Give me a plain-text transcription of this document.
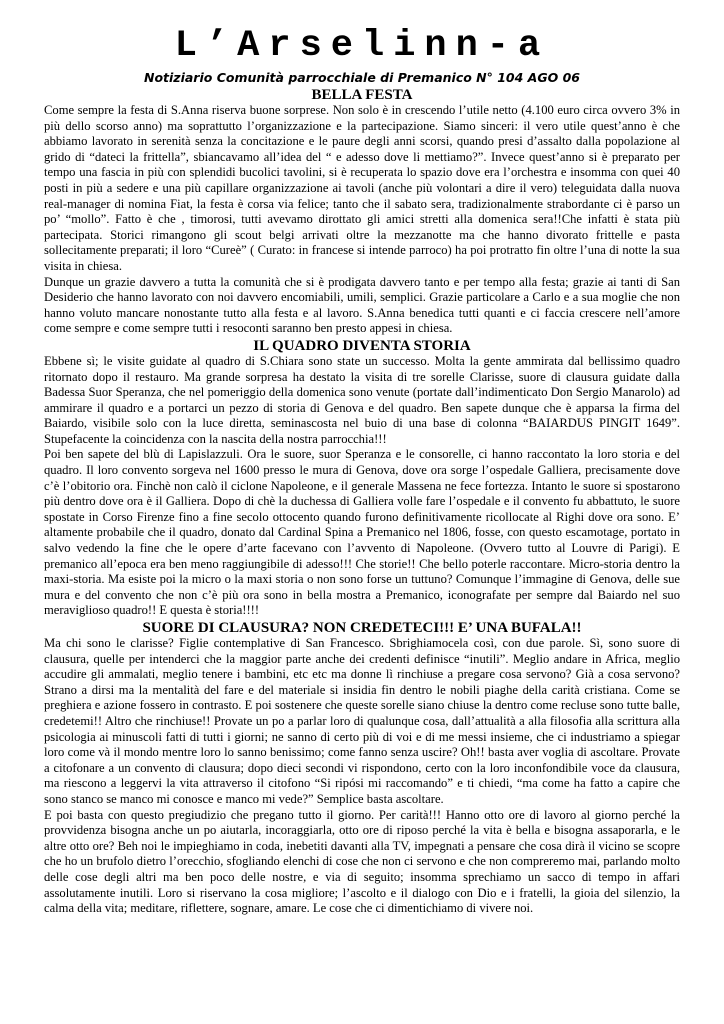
L’Arselinn-a
Notiziario Comunità parrocchiale di Premanico N° 104 AGO 06
BELLA FESTA

Come sempre la festa di S.Anna riserva buone sorprese. Non solo è in crescendo l’utile netto (4.100 euro circa ovvero 3% in più dello scorso anno) ma soprattutto l’organizzazione e la partecipazione. Siamo sinceri: il vero utile quest’anno è che abbiamo lavorato in serenità senza la concitazione e le paure degli anni scorsi, quando presi d’assalto dalla popolazione al grido di “dateci la frittella”, sbiancavamo all’idea del “ e adesso dove li mettiamo?”. Invece quest’anno si è preparato per tempo una fascia in più con splendidi bucolici tavolini, si è recuperata lo spazio dove era l’orchestra e insomma con quei 40 posti in più a sedere e una più capillare organizzazione ai tavoli (anche più volontari a dire il vero) teleguidata dalla nuova real-manager di nomina Fiat, la festa è corsa via felice; tanto che il sabato sera, tradizionalmente strabordante ci è parso un po’ “mollo”. Fatto è che , timorosi, tutti avevamo dirottato gli amici stretti alla domenica sera!!Che infatti è stata più partecipata. Storici rimangono gli scout belgi arrivati oltre la mezzanotte ma che hanno divorato frittelle e pasta sollecitamente preparati; il loro “Cureè” ( Curato: in francese si intende parroco) ha poi protratto fin oltre l’una di notte la sua visita in chiesa.

Dunque un grazie davvero a tutta la comunità che si è prodigata davvero tanto e per tempo alla festa; grazie ai tanti di San Desiderio che hanno lavorato con noi davvero encomiabili, umili, semplici. Grazie particolare a Carlo e a sua moglie che non hanno voluto mancare nonostante tutto alla festa e al lavoro. S.Anna benedica tutti quanti e ci faccia crescere nell’amore come sempre e come sempre tutti i resoconti saranno ben presto appesi in chiesa.

IL QUADRO DIVENTA STORIA

Ebbene sì; le visite guidate al quadro di S.Chiara sono state un successo. Molta la gente ammirata dal bellissimo quadro ritornato dopo il restauro. Ma grande sorpresa ha destato la visita di tre sorelle Clarisse, suore di clausura guidate dalla Badessa Suor Speranza, che nel pomeriggio della domenica sono venute (portate dall’indimenticato Don Sergio Manarolo) ad ammirare il quadro e a portarci un pezzo di storia di Genova e del quadro. Ben sapete dunque che è apparsa la firma del Baiardo, visibile solo con la luce diretta, seminascosta nel buio di una base di colonna “BAIARDUS PINGIT 1649”. Stupefacente la coincidenza con la nascita della nostra parrocchia!!!

Poi ben sapete del blù di Lapislazzuli. Ora le suore, suor Speranza e le consorelle, ci hanno raccontato la loro storia e del quadro. Il loro convento sorgeva nel 1600 presso le mura di Genova, dove ora sorge l’ospedale Galliera, precisamente dove c’è l’obitorio ora. Finchè non calò il ciclone Napoleone, e il generale Massena ne fece fortezza. Intanto le suore si spostarono più dentro dove ora è il Galliera. Dopo di chè la duchessa di Galliera volle fare l’ospedale e il convento fu abbattuto, le suore spostate in Corso Firenze fino a fine secolo ottocento quando furono definitivamente ricollocate al Righi dove ora sono. E’ altamente probabile che il quadro, donato dal Cardinal Spina a Premanico nel 1806, fosse, con questo escamotage, portato in salvo vedendo la fine che le opere d’arte facevano con l’avvento di Napoleone. (Ovvero tutto al Louvre di Parigi). E premanico all’epoca era ben meno raggiungibile di adesso!!! Che storie!! Che bello poterle raccontare. Micro-storia dentro la maxi-storia. Ma esiste poi la micro o la maxi storia o non sono forse un tuttuno? Comunque l’immagine di Genova, delle sue mura e del convento che non c’è più ora sono in bella mostra a Premanico, iconografate per sempre dal Baiardo nel suo meraviglioso quadro!! E questa è storia!!!!

SUORE DI CLAUSURA? NON CREDETECI!!! E’ UNA BUFALA!!

Ma chi sono le clarisse? Figlie contemplative di San Francesco. Sbrighiamocela così, con due parole. Sì, sono suore di clausura, quelle per intenderci che la maggior parte anche dei credenti definisce “inutili”. Meglio andare in Africa, meglio accudire gli ammalati, meglio tenere i bambini, etc etc ma donne lì rinchiuse a pregare cosa servono? Già a cosa servono? Strano a dirsi ma la mentalità del fare e del materiale si insidia fin dentro le nobili piaghe della carità cristiana. Come se preghiera e azione fossero in contrasto. E poi sostenere che queste sorelle siano chiuse la dentro come recluse sono tutte balle, credetemi!! Altro che rinchiuse!! Provate un po a parlar loro di qualunque cosa, dall’attualità a alla filosofia alla scrittura alla psicologia ai minuscoli fatti di tutti i giorni; ne sanno di certo più di voi e di me messi insieme, che ci industriamo a spiegar loro come và il mondo mentre loro lo sanno benissimo; come fanno senza uscire? Oh!! basta aver voglia di ascoltare. Provate a citofonare a un convento di clausura; dopo dieci secondi vi rispondono, certo con la loro inconfondibile voce da clausura, ma riescono a leggervi la vita attraverso il citofono “Si ripósi mi raccomando” e ti chiedi, “ma come ha fatto a capire che sono stanco se manco mi conosce e manco mi vede?” Semplice basta ascoltare.

E poi basta con questo pregiudizio che pregano tutto il giorno. Per carità!!! Hanno otto ore di lavoro al giorno perché la provvidenza bisogna anche un po aiutarla, incoraggiarla, otto ore di riposo perché la vita è bella e bisogna assaporarla, e le altre otto ore? Beh noi le impieghiamo in coda, inebetiti davanti alla TV, impegnati a pensare che cosa dirà il vicino se scopre che ho un brufolo dietro l’orecchio, sfogliando elenchi di cose che non ci servono e che non compreremo mai, parlando molto delle cose degli altri ma ben poco delle nostre, e via di seguito; insomma sprechiamo un sacco di tempo in affari assolutamente inutili. Loro si riservano la cosa migliore; l’ascolto e il dialogo con Dio e i fratelli, la gioia del silenzio, la calma della vita; meditare, riflettere, sognare, amare. Le cose che ci dimentichiamo di vivere noi.
